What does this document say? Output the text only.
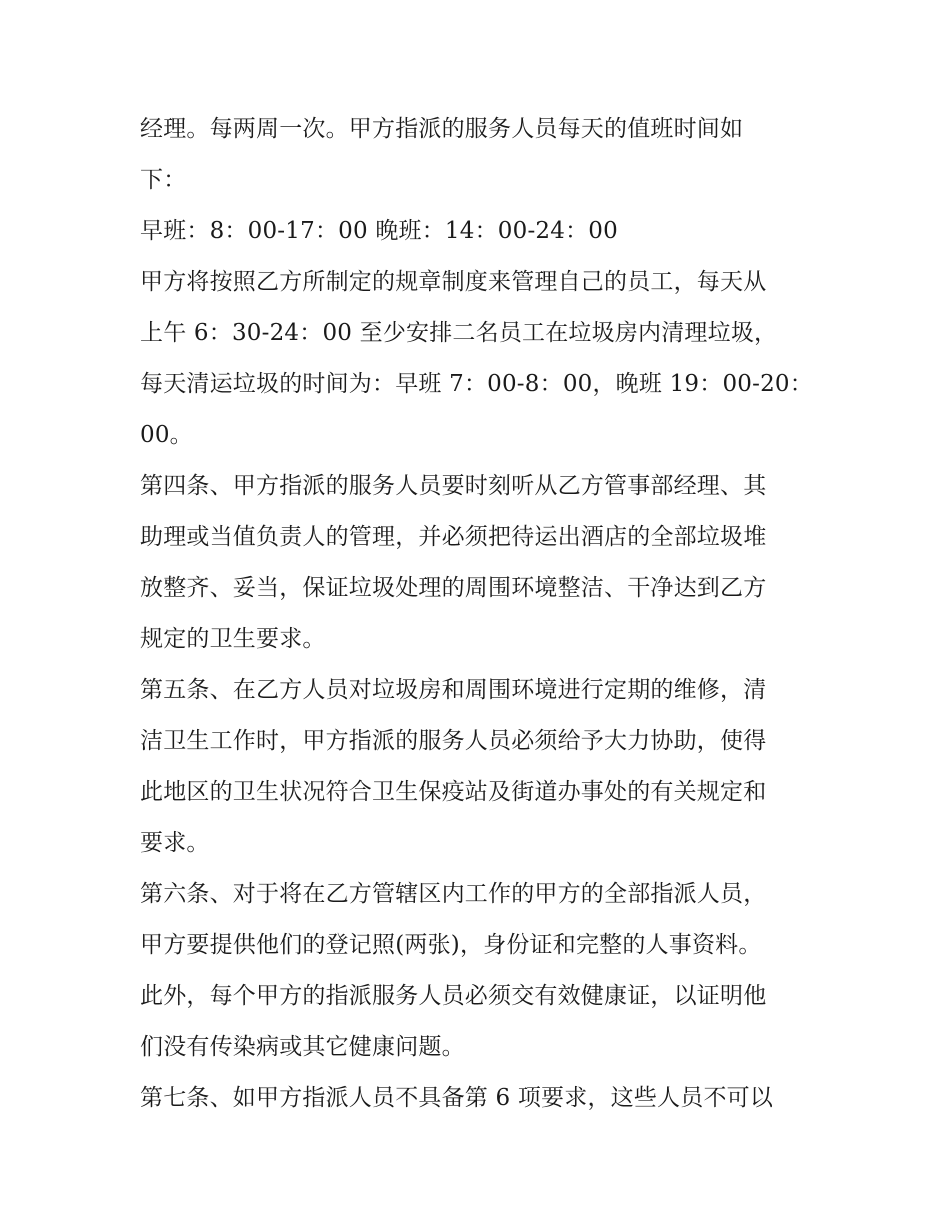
经理。每两周一次。甲方指派的服务人员每天的值班时间如
下：
早班：8：00-17：00 晚班：14：00-24：00
甲方将按照乙方所制定的规章制度来管理自己的员工，每天从
上午 6：30-24：00 至少安排二名员工在垃圾房内清理垃圾，
每天清运垃圾的时间为：早班 7：00-8：00，晚班 19：00-20：
00。
第四条、甲方指派的服务人员要时刻听从乙方管事部经理、其
助理或当值负责人的管理，并必须把待运出酒店的全部垃圾堆
放整齐、妥当，保证垃圾处理的周围环境整洁、干净达到乙方
规定的卫生要求。
第五条、在乙方人员对垃圾房和周围环境进行定期的维修，清
洁卫生工作时，甲方指派的服务人员必须给予大力协助，使得
此地区的卫生状况符合卫生保疫站及街道办事处的有关规定和
要求。
第六条、对于将在乙方管辖区内工作的甲方的全部指派人员，
甲方要提供他们的登记照(两张)，身份证和完整的人事资料。
此外，每个甲方的指派服务人员必须交有效健康证，以证明他
们没有传染病或其它健康问题。
第七条、如甲方指派人员不具备第 6 项要求，这些人员不可以
